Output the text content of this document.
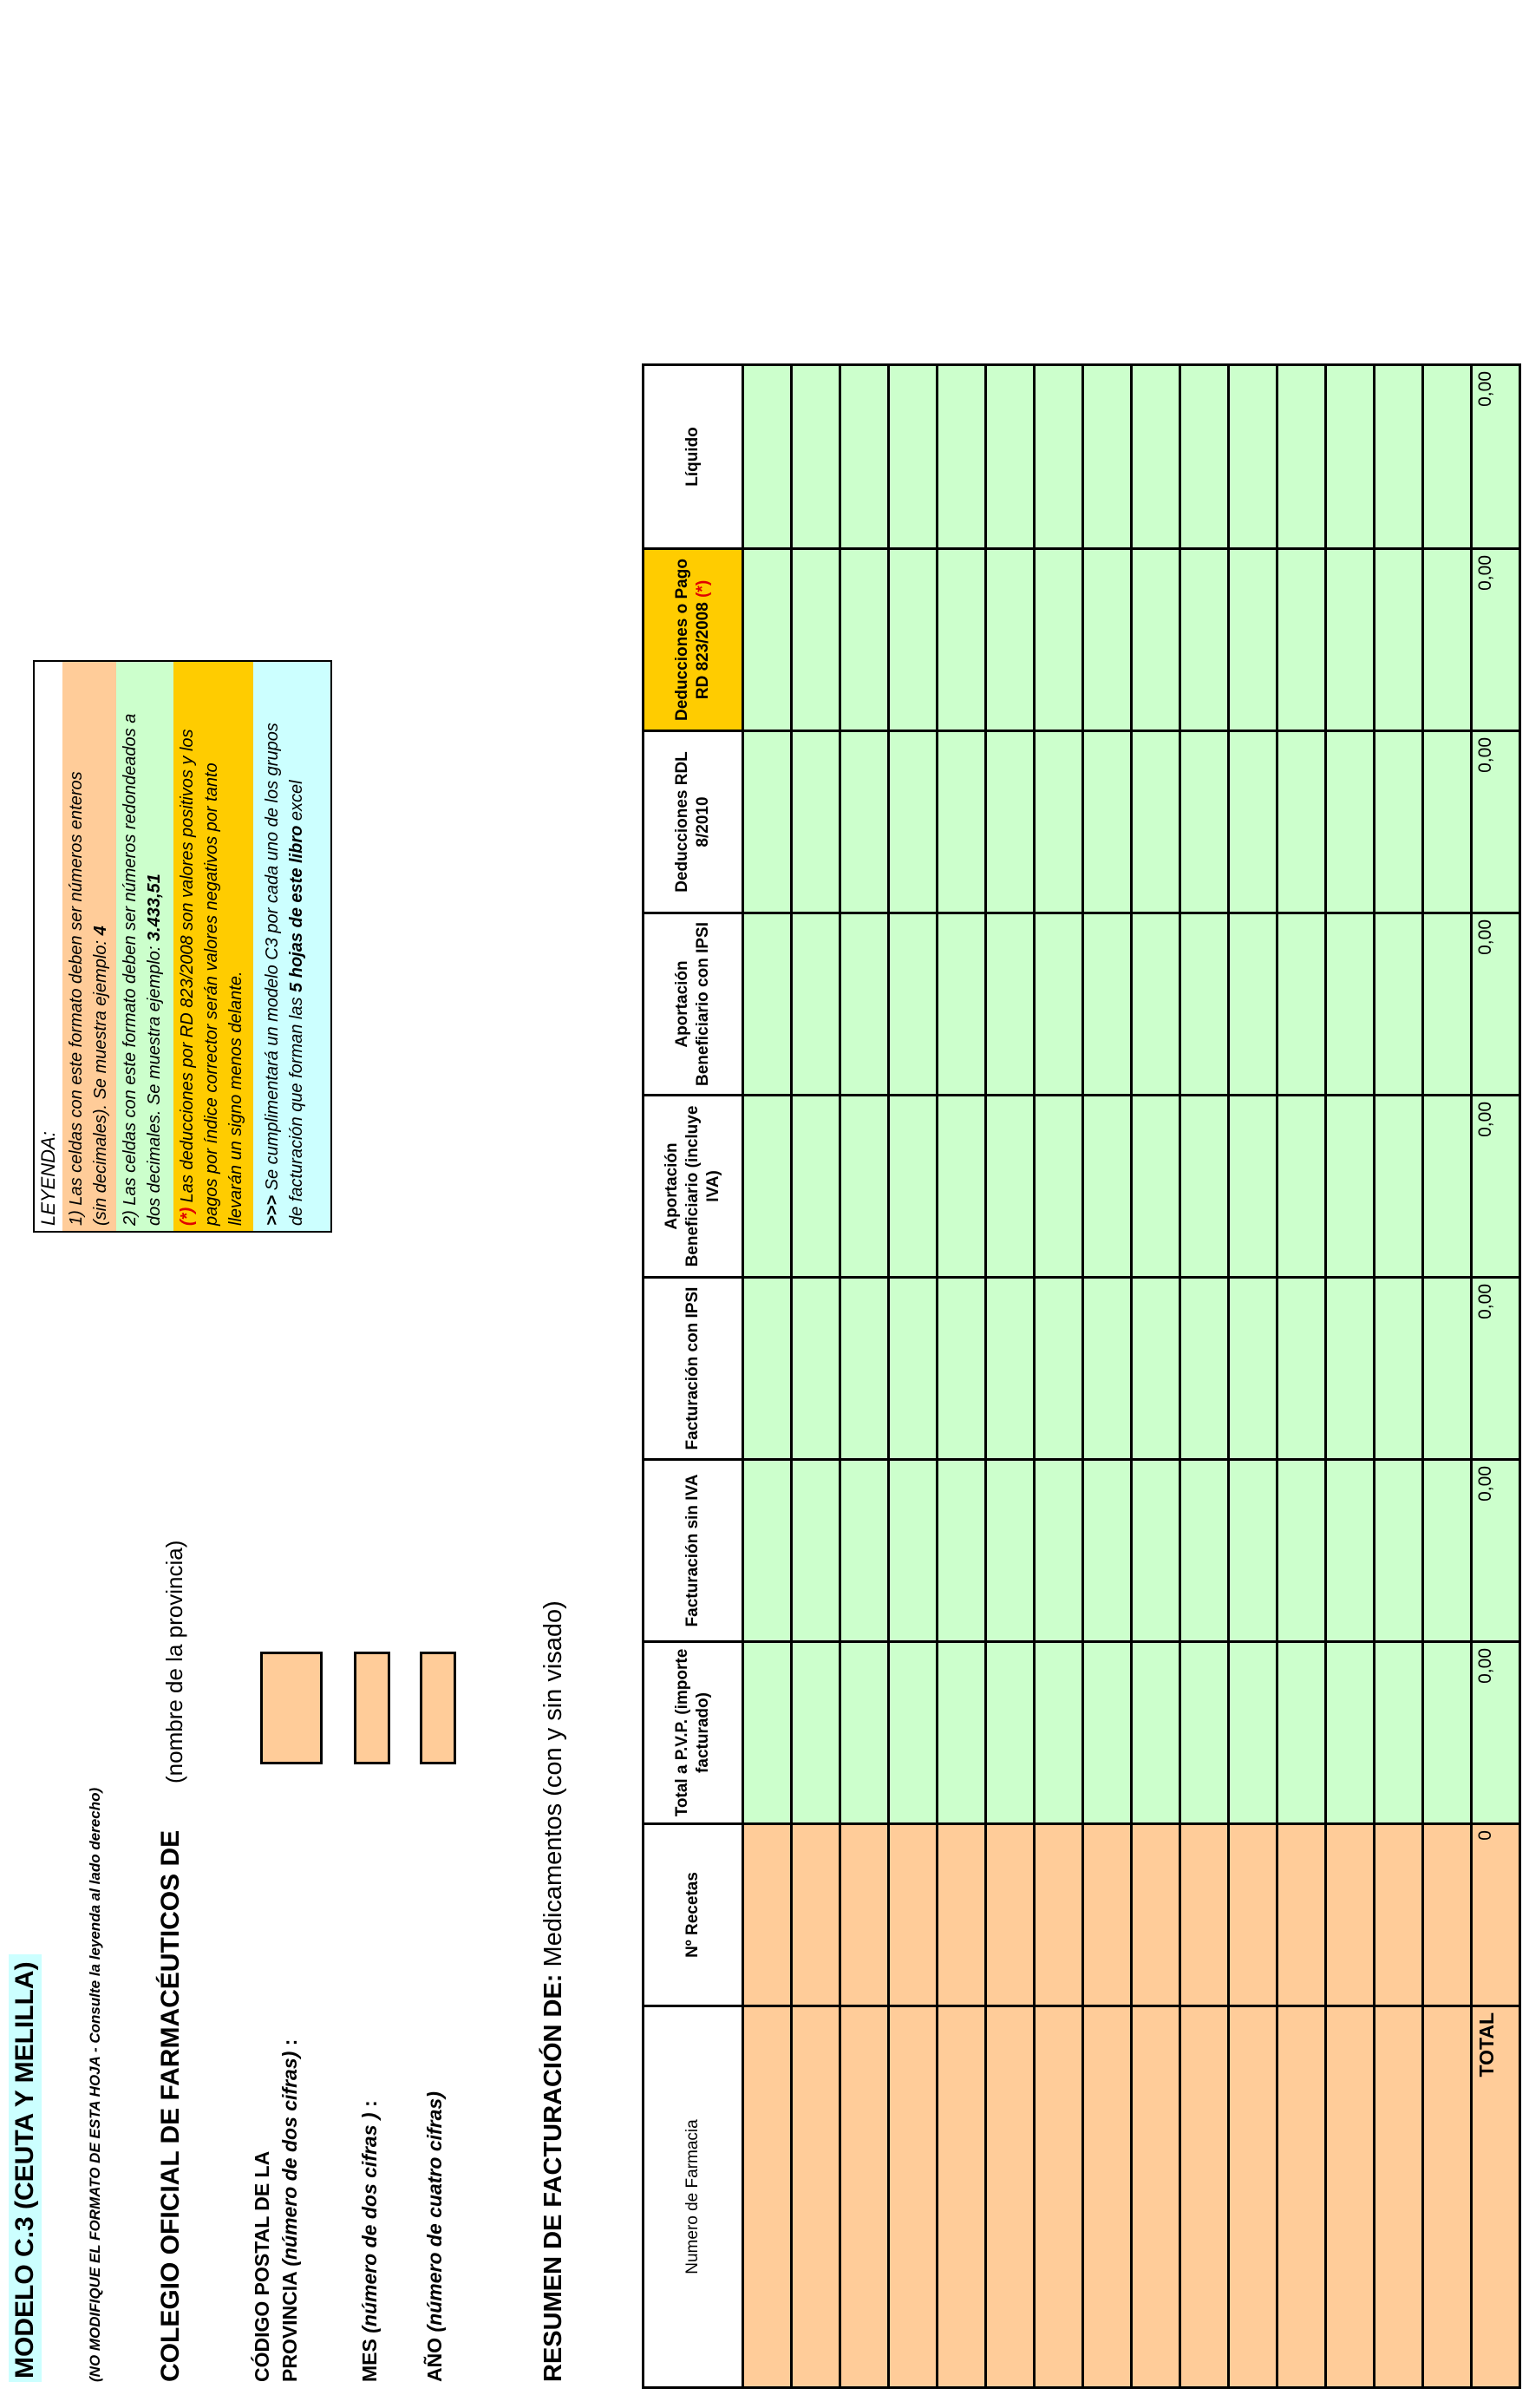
MODELO C.3 (CEUTA Y MELILLA)	(NO MODIFIQUE EL FORMATO DE ESTA HOJA - Consulte la leyenda al lado derecho) COLEGIO OFICIAL DE FARMACÉUTICOS DE
(nombre de la provincia)
CÓDIGO POSTAL DE LA PROVINCIA (número de dos cifras) :
MES (número de dos cifras ) :
AÑO (número de cuatro cifras)	RESUMEN DE FACTURACIÓN DE: Medicamentos (con y sin visado)
LEYENDA: 1) Las celdas con este formato deben ser números enteros (sin decimales). Se muestra ejemplo: 4 2) Las celdas con este formato deben ser números redondeados a dos decimales. Se muestra ejemplo: 3.433,51
(*) Las deducciones por RD 823/2008 son valores positivos y los pagos por índice corrector serán valores negativos por tanto llevarán un signo menos delante. >>> Se cumplimentará un modelo C3 por cada uno de los grupos de facturación que forman las 5 hojas de este libro excel
Numero de Farmacia	Nº Recetas	Total a P.V.P. (importe facturado)	Facturación sin IVA	Facturación con IPSI	Aportación Beneficiario (incluye IVA)	Aportación Beneficiario con IPSI	Deducciones RDL 8/2010	Deducciones o Pago RD 823/2008 (*)	Líquido

TOTAL	0	0,00	0,00	0,00	0,00	0,00	0,00	0,00	0,00
